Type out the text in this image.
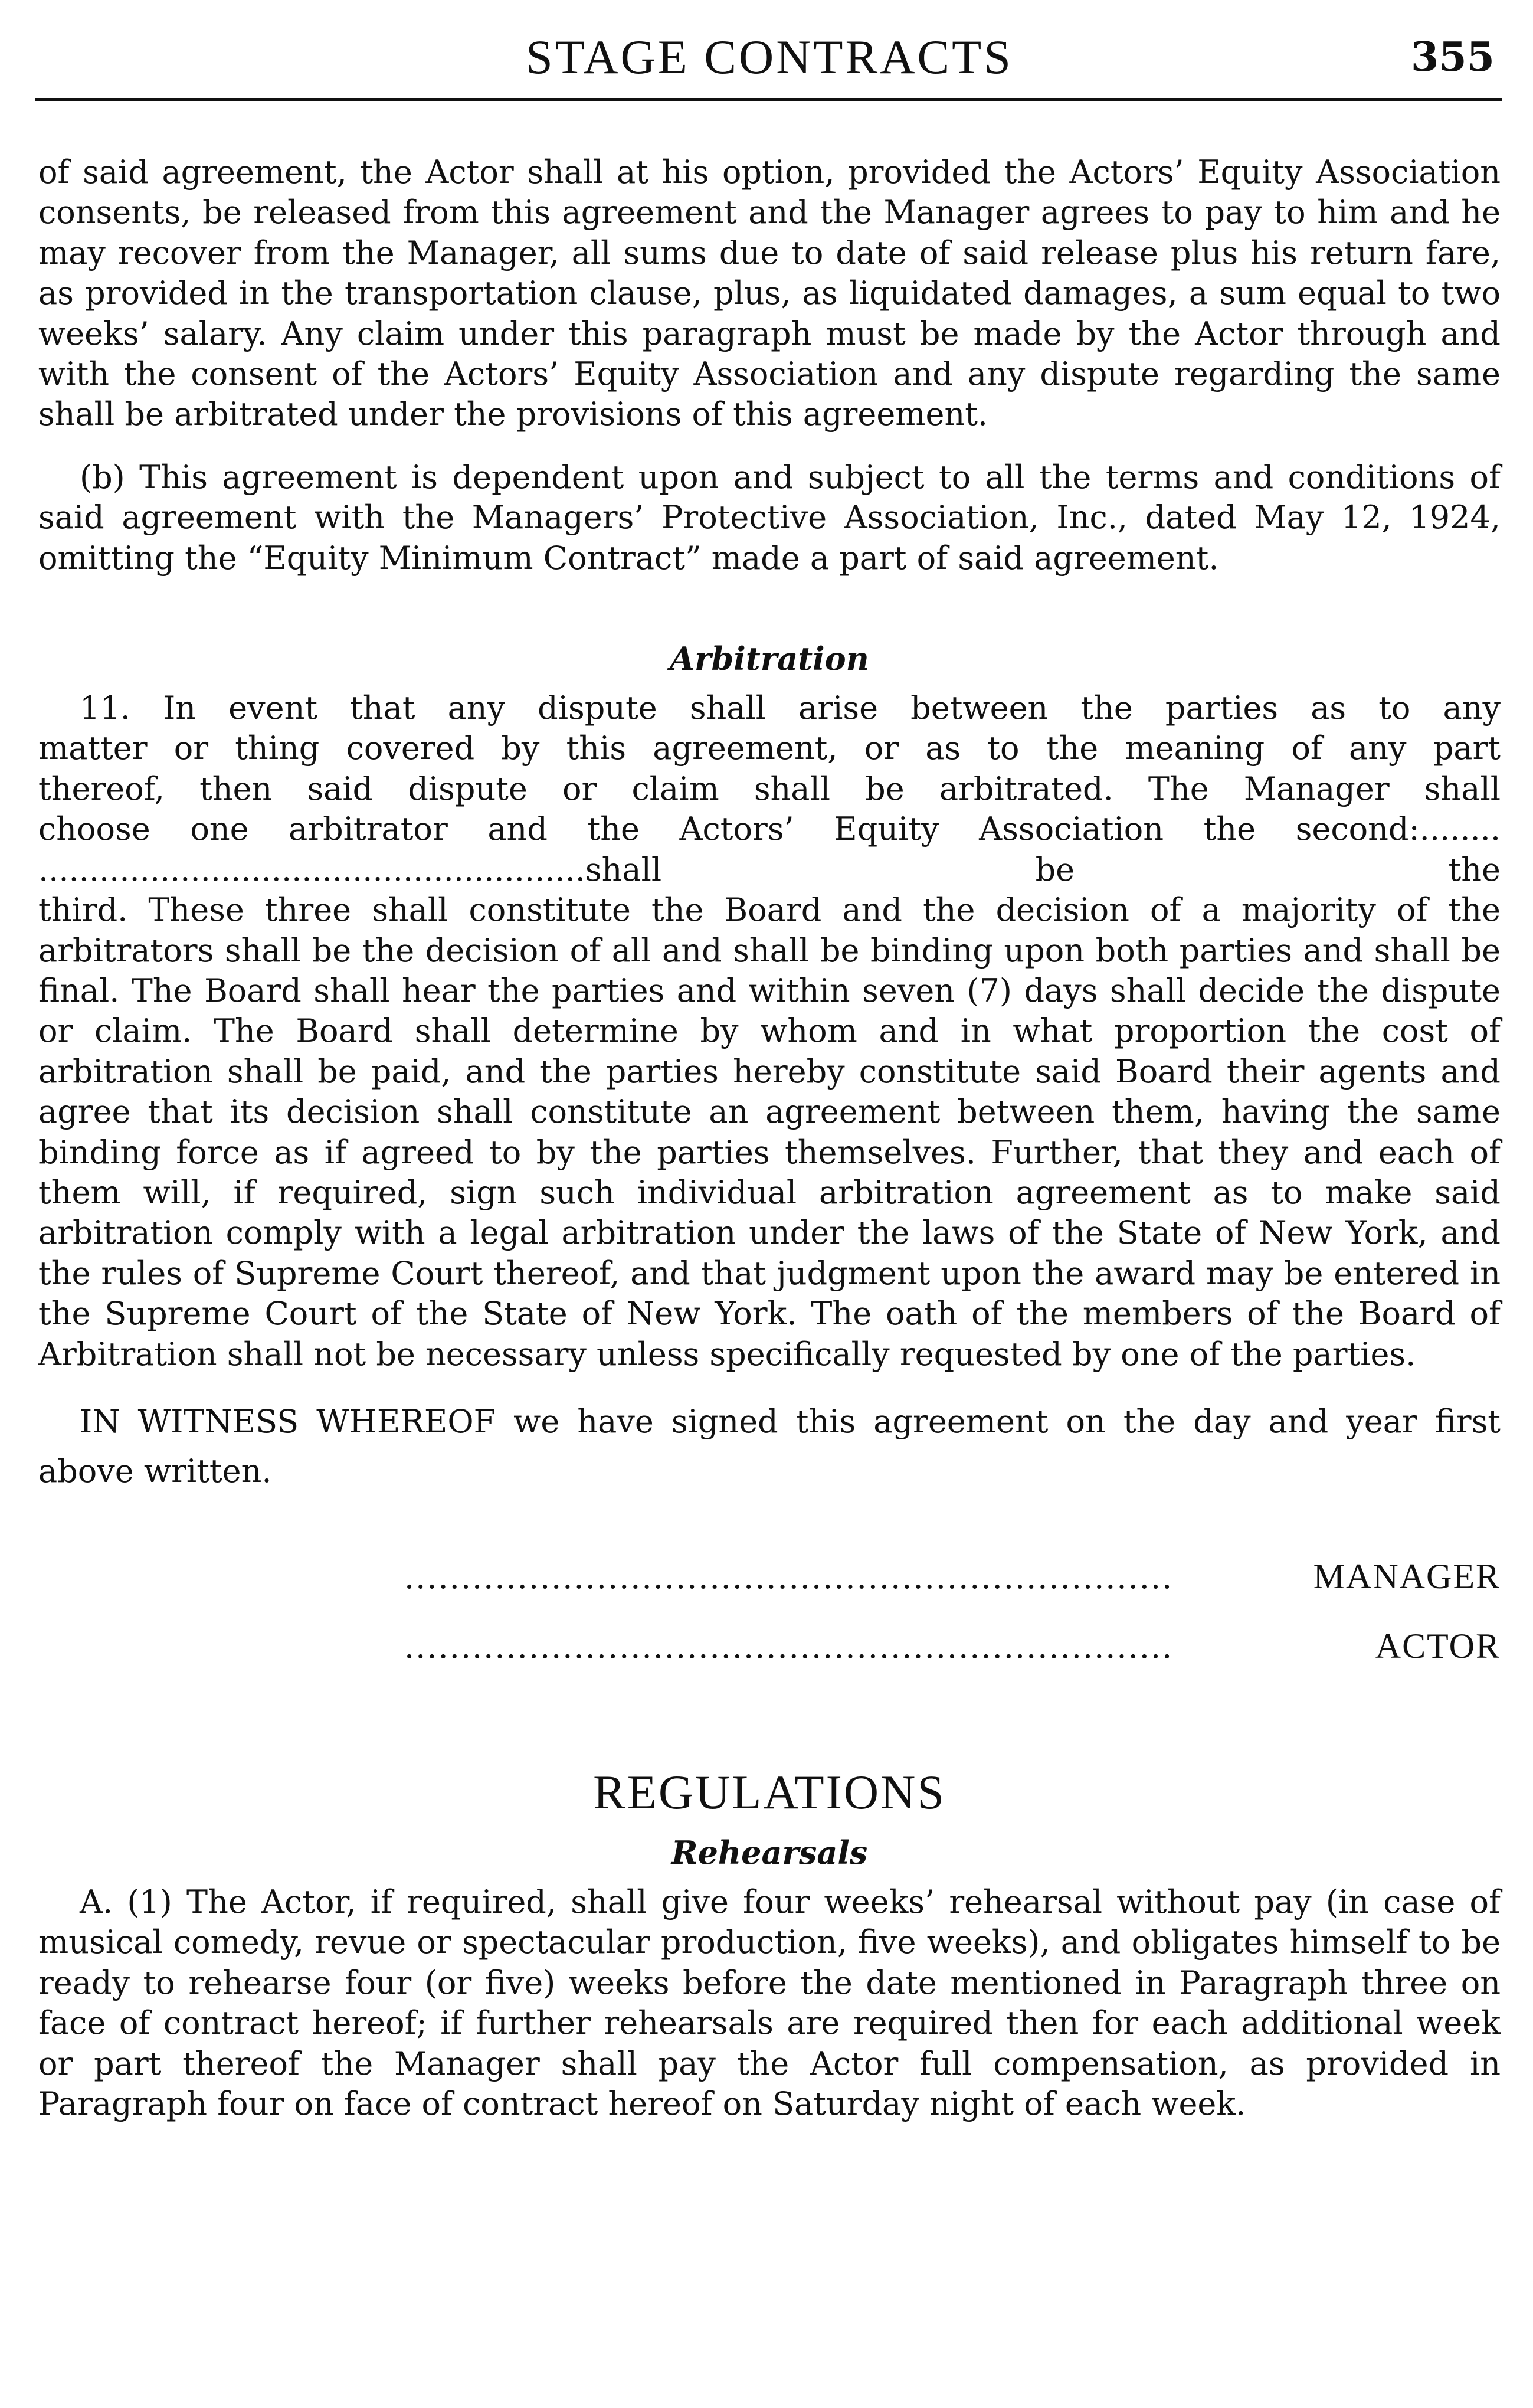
STAGE CONTRACTS	355

of said agreement, the Actor shall at his option, provided the Actors’ Equity Association consents, be released from this agreement and the Manager agrees to pay to him and he may recover from the Manager, all sums due to date of said release plus his return fare, as provided in the transportation clause, plus, as liquidated damages, a sum equal to two weeks’ salary. Any claim under this paragraph must be made by the Actor through and with the consent of the Actors’ Equity Association and any dispute regarding the same shall be arbitrated under the provisions of this agreement.

(b) This agreement is dependent upon and subject to all the terms and conditions of said agreement with the Managers’ Protective Association, Inc., dated May 12, 1924, omitting the “Equity Minimum Contract” made a part of said agreement.

Arbitration

11. In event that any dispute shall arise between the parties as to any

matter or thing covered by this agreement, or as to the meaning of any part

thereof, then said dispute or claim shall be arbitrated. The Manager shall

choose one arbitrator and the Actors’ Equity Association the second:........

......................................................shall be the

third. These three shall constitute the Board and the decision of a majority of the arbitrators shall be the decision of all and shall be binding upon both parties and shall be final. The Board shall hear the parties and within seven (7) days shall decide the dispute or claim. The Board shall determine by whom and in what proportion the cost of arbitration shall be paid, and the parties hereby constitute said Board their agents and agree that its decision shall constitute an agreement between them, having the same binding force as if agreed to by the parties themselves. Further, that they and each of them will, if required, sign such individual arbitration agreement as to make said arbitration comply with a legal arbitration under the laws of the State of New York, and the rules of Supreme Court thereof, and that judgment upon the award may be entered in the Supreme Court of the State of New York. The oath of the members of the Board of Arbitration shall not be necessary unless specifically requested by one of the parties.

IN WITNESS WHEREOF we have signed this agreement on the day and year first above written.

....................................................................	MANAGER
....................................................................	ACTOR
REGULATIONS
Rehearsals

A. (1) The Actor, if required, shall give four weeks’ rehearsal without pay (in case of musical comedy, revue or spectacular production, five weeks), and obligates himself to be ready to rehearse four (or five) weeks before the date mentioned in Paragraph three on face of contract hereof; if further rehearsals are required then for each additional week or part thereof the Manager shall pay the Actor full compensation, as provided in Paragraph four on face of contract hereof on Saturday night of each week.
